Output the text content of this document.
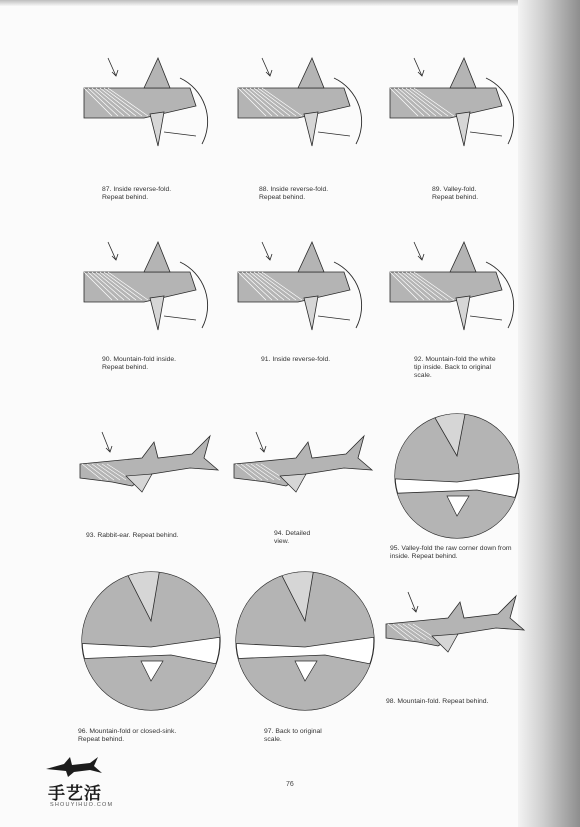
87. Inside reverse-fold.
Repeat behind.
88. Inside reverse-fold.
Repeat behind.
89. Valley-fold.
Repeat behind.
90. Mountain-fold inside.
Repeat behind.
91. Inside reverse-fold.	92. Mountain-fold the white
tip inside. Back to original
scale.
93. Rabbit-ear. Repeat behind.	94. Detailed
view.
95. Valley-fold the raw corner down from
inside. Repeat behind.
96. Mountain-fold or closed-sink.
Repeat behind.
97. Back to original
scale.
98. Mountain-fold. Repeat behind.
手艺活
SHOUYIHUO.COM
76
